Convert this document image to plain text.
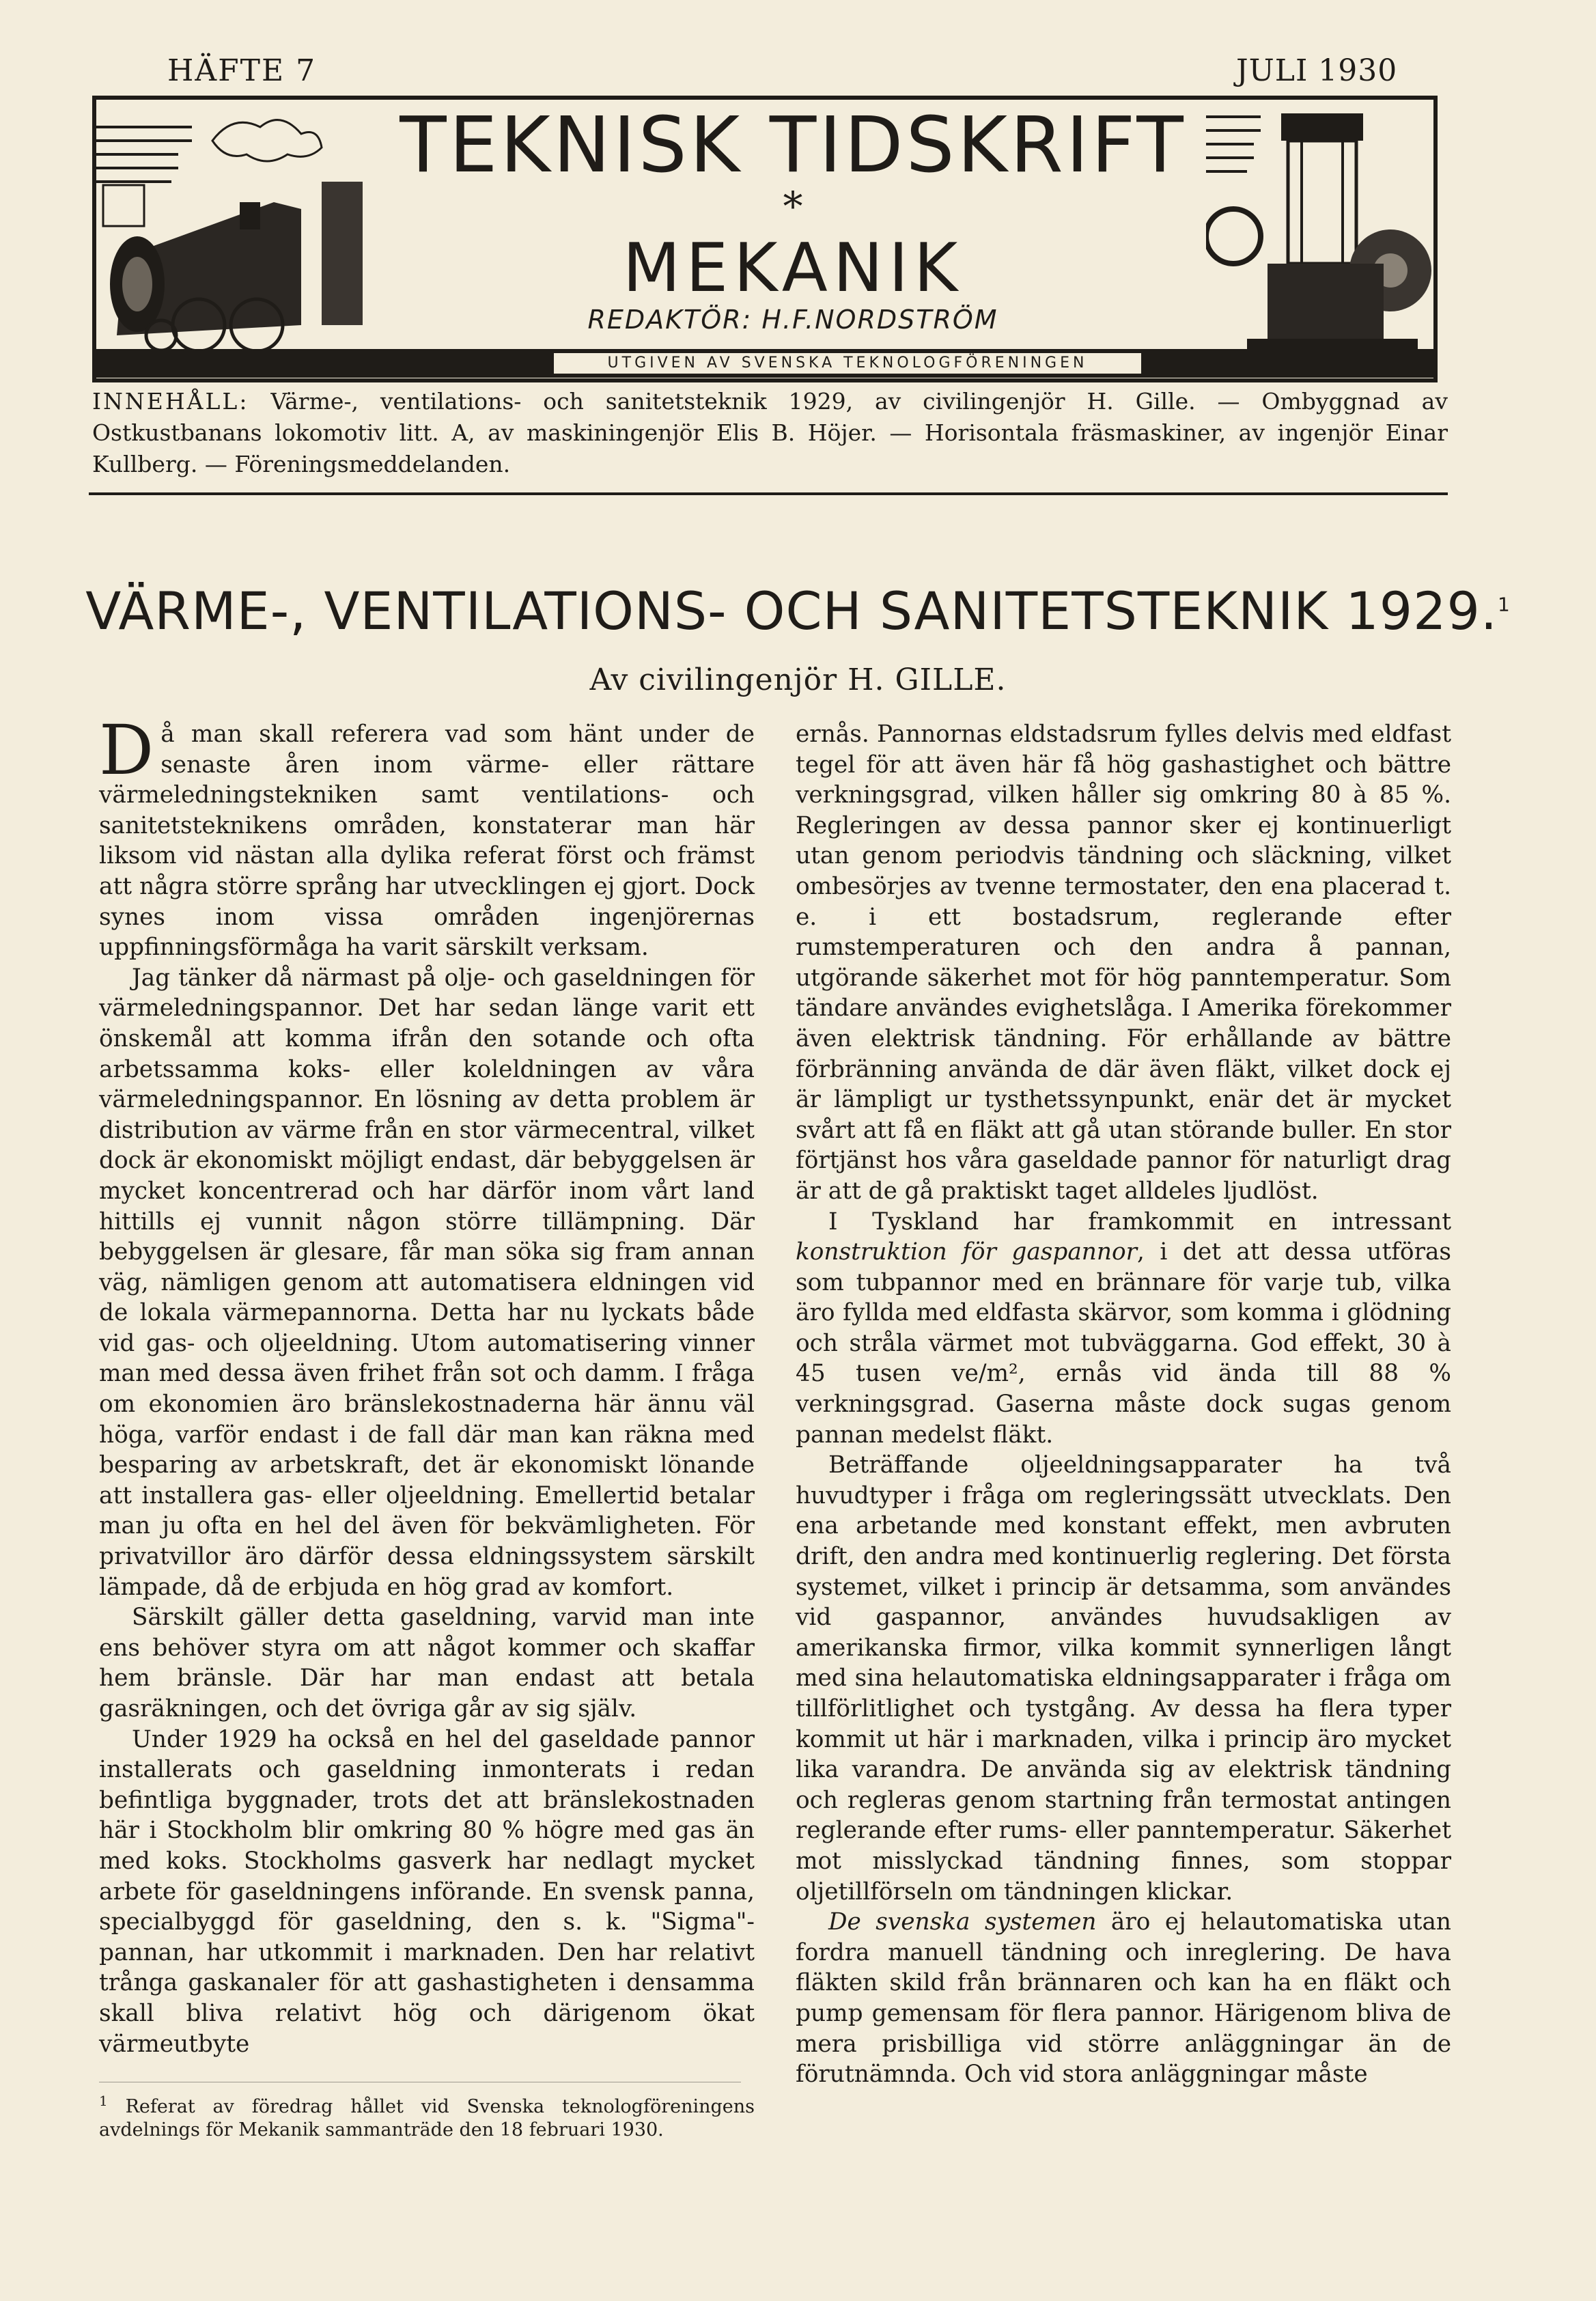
HÄFTE 7	JULI 1930
TEKNISK TIDSKRIFT
*
MEKANIK
REDAKTÖR: H.F.NORDSTRÖM
UTGIVEN AV SVENSKA TEKNOLOGFÖRENINGEN
INNEHÅLL: Värme-, ventilations- och sanitetsteknik 1929, av civilingenjör H. Gille. — Ombyggnad av Ostkustbanans lokomotiv litt. A, av maskiningenjör Elis B. Höjer. — Horisontala fräsmaskiner, av ingenjör Einar Kullberg. — Föreningsmeddelanden.
VÄRME-, VENTILATIONS- OCH SANITETSTEKNIK 1929.$^1$
Av civilingenjör H. GILLE.

Då man skall referera vad som hänt under de senaste åren inom värme- eller rättare värmeledningstekniken samt ventilations- och sanitetsteknikens områden, konstaterar man här liksom vid nästan alla dylika referat först och främst att några större språng har utvecklingen ej gjort. Dock synes inom vissa områden ingenjörernas uppfinningsförmåga ha varit särskilt verksam.

Jag tänker då närmast på olje- och gaseldningen för värmeledningspannor. Det har sedan länge varit ett önskemål att komma ifrån den sotande och ofta arbetssamma koks- eller koleldningen av våra värmeledningspannor. En lösning av detta problem är distribution av värme från en stor värmecentral, vilket dock är ekonomiskt möjligt endast, där bebyggelsen är mycket koncentrerad och har därför inom vårt land hittills ej vunnit någon större tillämpning. Där bebyggelsen är glesare, får man söka sig fram annan väg, nämligen genom att automatisera eldningen vid de lokala värmepannorna. Detta har nu lyckats både vid gas- och oljeeldning. Utom automatisering vinner man med dessa även frihet från sot och damm. I fråga om ekonomien äro bränslekostnaderna här ännu väl höga, varför endast i de fall där man kan räkna med besparing av arbetskraft, det är ekonomiskt lönande att installera gas- eller oljeeldning. Emellertid betalar man ju ofta en hel del även för bekvämligheten. För privatvillor äro därför dessa eldningssystem särskilt lämpade, då de erbjuda en hög grad av komfort.

Särskilt gäller detta gaseldning, varvid man inte ens behöver styra om att något kommer och skaffar hem bränsle. Där har man endast att betala gasräkningen, och det övriga går av sig själv.

Under 1929 ha också en hel del gaseldade pannor installerats och gaseldning inmonterats i redan befintliga byggnader, trots det att bränslekostnaden här i Stockholm blir omkring 80 % högre med gas än med koks. Stockholms gasverk har nedlagt mycket arbete för gaseldningens införande. En svensk panna, specialbyggd för gaseldning, den s. k. "Sigma"-pannan, har utkommit i marknaden. Den har relativt trånga gaskanaler för att gashastigheten i densamma skall bliva relativt hög och därigenom ökat värmeutbyte

$^1$ Referat av föredrag hållet vid Svenska teknologföreningens avdelnings för Mekanik sammanträde den 18 februari 1930.

ernås. Pannornas eldstadsrum fylles delvis med eldfast tegel för att även här få hög gashastighet och bättre verkningsgrad, vilken håller sig omkring 80 à 85 %. Regleringen av dessa pannor sker ej kontinuerligt utan genom periodvis tändning och släckning, vilket ombesörjes av tvenne termostater, den ena placerad t. e. i ett bostadsrum, reglerande efter rumstemperaturen och den andra å pannan, utgörande säkerhet mot för hög panntemperatur. Som tändare användes evighetslåga. I Amerika förekommer även elektrisk tändning. För erhållande av bättre förbränning använda de där även fläkt, vilket dock ej är lämpligt ur tysthetssynpunkt, enär det är mycket svårt att få en fläkt att gå utan störande buller. En stor förtjänst hos våra gaseldade pannor för naturligt drag är att de gå praktiskt taget alldeles ljudlöst.

I Tyskland har framkommit en intressant konstruktion för gaspannor, i det att dessa utföras som tubpannor med en brännare för varje tub, vilka äro fyllda med eldfasta skärvor, som komma i glödning och stråla värmet mot tubväggarna. God effekt, 30 à 45 tusen ve/m², ernås vid ända till 88 % verkningsgrad. Gaserna måste dock sugas genom pannan medelst fläkt.

Beträffande oljeeldningsapparater ha två huvudtyper i fråga om regleringssätt utvecklats. Den ena arbetande med konstant effekt, men avbruten drift, den andra med kontinuerlig reglering. Det första systemet, vilket i princip är detsamma, som användes vid gaspannor, användes huvudsakligen av amerikanska firmor, vilka kommit synnerligen långt med sina helautomatiska eldningsapparater i fråga om tillförlitlighet och tystgång. Av dessa ha flera typer kommit ut här i marknaden, vilka i princip äro mycket lika varandra. De använda sig av elektrisk tändning och regleras genom startning från termostat antingen reglerande efter rums- eller panntemperatur. Säkerhet mot misslyckad tändning finnes, som stoppar oljetillförseln om tändningen klickar.

De svenska systemen äro ej helautomatiska utan fordra manuell tändning och inreglering. De hava fläkten skild från brännaren och kan ha en fläkt och pump gemensam för flera pannor. Härigenom bliva de mera prisbilliga vid större anläggningar än de förutnämnda. Och vid stora anläggningar måste
